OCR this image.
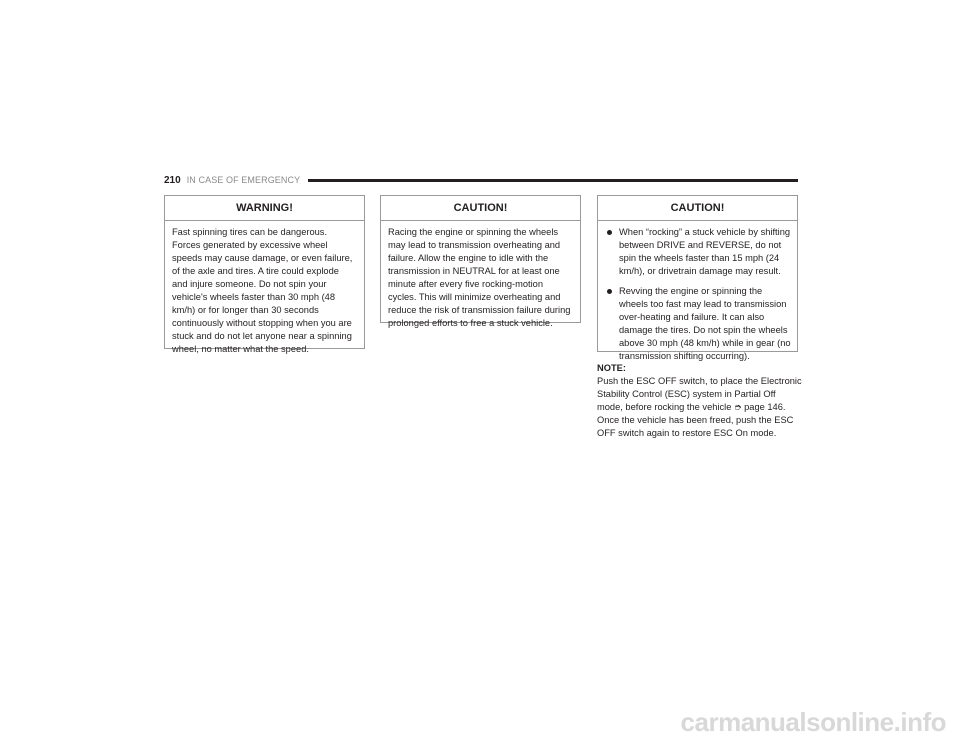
210 IN CASE OF EMERGENCY
WARNING!
Fast spinning tires can be dangerous. Forces generated by excessive wheel speeds may cause damage, or even failure, of the axle and tires. A tire could explode and injure someone. Do not spin your vehicle's wheels faster than 30 mph (48 km/h) or for longer than 30 seconds continuously without stopping when you are stuck and do not let anyone near a spinning wheel, no matter what the speed.
CAUTION!
Racing the engine or spinning the wheels may lead to transmission overheating and failure. Allow the engine to idle with the transmission in NEUTRAL for at least one minute after every five rocking-motion cycles. This will minimize overheating and reduce the risk of transmission failure during prolonged efforts to free a stuck vehicle.
CAUTION!
When “rocking” a stuck vehicle by shifting between DRIVE and REVERSE, do not spin the wheels faster than 15 mph (24 km/h), or drivetrain damage may result.
Revving the engine or spinning the wheels too fast may lead to transmission over-heating and failure. It can also damage the tires. Do not spin the wheels above 30 mph (48 km/h) while in gear (no transmission shifting occurring).
NOTE:
Push the ESC OFF switch, to place the Electronic Stability Control (ESC) system in Partial Off mode, before rocking the vehicle ➮ page 146. Once the vehicle has been freed, push the ESC OFF switch again to restore ESC On mode.
carmanualsonline.info
